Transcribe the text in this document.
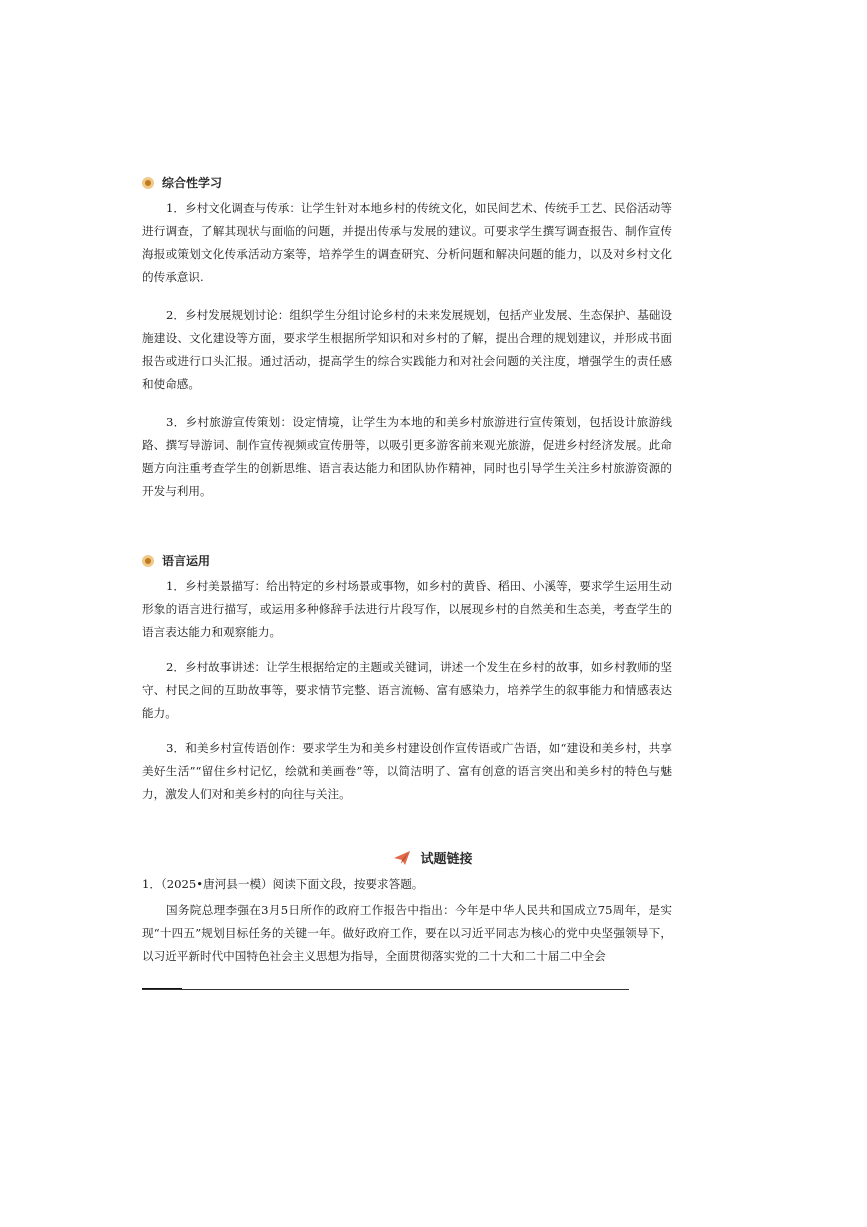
综合性学习

1．乡村文化调查与传承：让学生针对本地乡村的传统文化，如民间艺术、传统手工艺、民俗活动等进行调查，了解其现状与面临的问题，并提出传承与发展的建议。可要求学生撰写调查报告、制作宣传海报或策划文化传承活动方案等，培养学生的调查研究、分析问题和解决问题的能力，以及对乡村文化的传承意识.

2．乡村发展规划讨论：组织学生分组讨论乡村的未来发展规划，包括产业发展、生态保护、基础设施建设、文化建设等方面，要求学生根据所学知识和对乡村的了解，提出合理的规划建议，并形成书面报告或进行口头汇报。通过活动，提高学生的综合实践能力和对社会问题的关注度，增强学生的责任感和使命感。

3．乡村旅游宣传策划：设定情境，让学生为本地的和美乡村旅游进行宣传策划，包括设计旅游线路、撰写导游词、制作宣传视频或宣传册等，以吸引更多游客前来观光旅游，促进乡村经济发展。此命题方向注重考查学生的创新思维、语言表达能力和团队协作精神，同时也引导学生关注乡村旅游资源的开发与利用。

语言运用

1．乡村美景描写：给出特定的乡村场景或事物，如乡村的黄昏、稻田、小溪等，要求学生运用生动形象的语言进行描写，或运用多种修辞手法进行片段写作，以展现乡村的自然美和生态美，考查学生的语言表达能力和观察能力。

2．乡村故事讲述：让学生根据给定的主题或关键词，讲述一个发生在乡村的故事，如乡村教师的坚守、村民之间的互助故事等，要求情节完整、语言流畅、富有感染力，培养学生的叙事能力和情感表达能力。

3．和美乡村宣传语创作：要求学生为和美乡村建设创作宣传语或广告语，如“建设和美乡村，共享美好生活”“留住乡村记忆，绘就和美画卷”等，以简洁明了、富有创意的语言突出和美乡村的特色与魅力，激发人们对和美乡村的向往与关注。

试题链接

1．（2025•唐河县一模）阅读下面文段，按要求答题。

国务院总理李强在3月5日所作的政府工作报告中指出：今年是中华人民共和国成立75周年，是实现“十四五”规划目标任务的关键一年。做好政府工作，要在以习近平同志为核心的党中央坚强领导下，以习近平新时代中国特色社会主义思想为指导，全面贯彻落实党的二十大和二十届二中全会
